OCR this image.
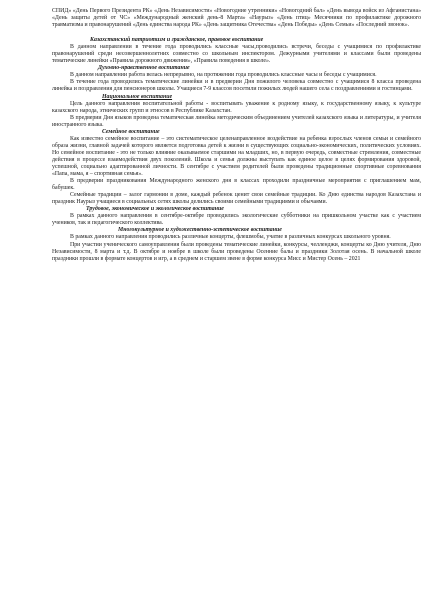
СПИД» «День Первого Президента РК» «День Независимости» «Новогодние утренники» «Новогодний бал» «День вывода войск из Афганистана» «День защиты детей от ЧС» «Международный женский день-8 Марта» «Наурыз» «День птиц» Месячники по профилактике дорожного травматизма и правонарушений «День единства народа РК» «День защитника Отечества» «День Победы» «День Семьи» «Последний звонок».

Казахстанский патриотизм и гражданское, правовое воспитание

В данном направлении в течение года проводились классные часы,проводились встречи, беседы с учащимися по профилактике правонарушений среди несовершеннолетних совместно со школьным инспектором. Дежурными учителями и классами были проведены тематические линейки «Правила дорожного движения», «Правила поведения в школе».

Духовно-нравственное воспитание

В данном направлении работа велась непрерывно, на протяжении года проводились классные часы и беседы с учащимися.

В течение года проводились тематические линейки и в предверии Дня пожилого человека совместно с учащимися 8 класса проведена линейка и поздравления для пенсионеров школы. Учащиеся 7-9 классов посетили пожилых людей нашего села с поздравлениями и гостинцами.

Национальное воспитание

Цель данного направления воспитательной работы - воспитывать уважение к родному языку, к государственному языку, к культуре казахского народа, этнических групп и этносов в Республике Казахстан.

В предверии Дня языков проведена тематическая линейка методическим объединением учителей казахского языка и литературы, и учителя иностранного языка.

Семейное воспитание

Как известно семейное воспитание – это систематическое целенаправленное воздействие на ребенка взрослых членов семьи и семейного образа жизни, главной задачей которого является подготовка детей к жизни в существующих социально-экономических, политических условиях. Но семейное воспитание - это не только влияние оказываемое старшими на младших, но, в первую очередь, совместные стремления, совместные действия в процессе взаимодействия двух поколений. Школа и семья должны выступать как единое целое в целях формирования здоровой, успешной, социально адаптированной личности. В сентябре с участием родителей были проведены традиционные спортивные соревнования «Папа, мама, я – спортивная семья».

В предверии праздникования Международного женского дня в классах проходили праздничные мероприятия с приглашением мам, бабушек.

Семейные традиции – залог гармонии в доме, каждый ребенок ценит свои семейные традиции. Ко Дню единства народов Казахстана и праздник Наурыз учащиеся в социальных сетях школы делились своими семейными традициями и обычаями.

Трудовое, экономическое и экологическое воспитание

В рамках данного направления в сентябре-октябре проводились экологические субботники на пришкольном участке как с участием учеников, так и педагогического коллектива.

Многокультурное и художественно-эстетическое воспитание

В рамках данного направления проводились различные концерты, флешмобы, учатие в различных конкурсах школьного уровня.

При участии ученического самоуправления были проведены тематические линейки, конкурсы, челленджи, концерты ко Дню учителя, Дню Независимости, 8 марта и т.д. В октябре и ноябре в школе были проведены Осенние балы и праздники Золотая осень. В начальной школе праздники прошли в формате концертов и игр, а в среднем и старшем звене в форме конкурса Мисс и Мистер Осень – 2021
